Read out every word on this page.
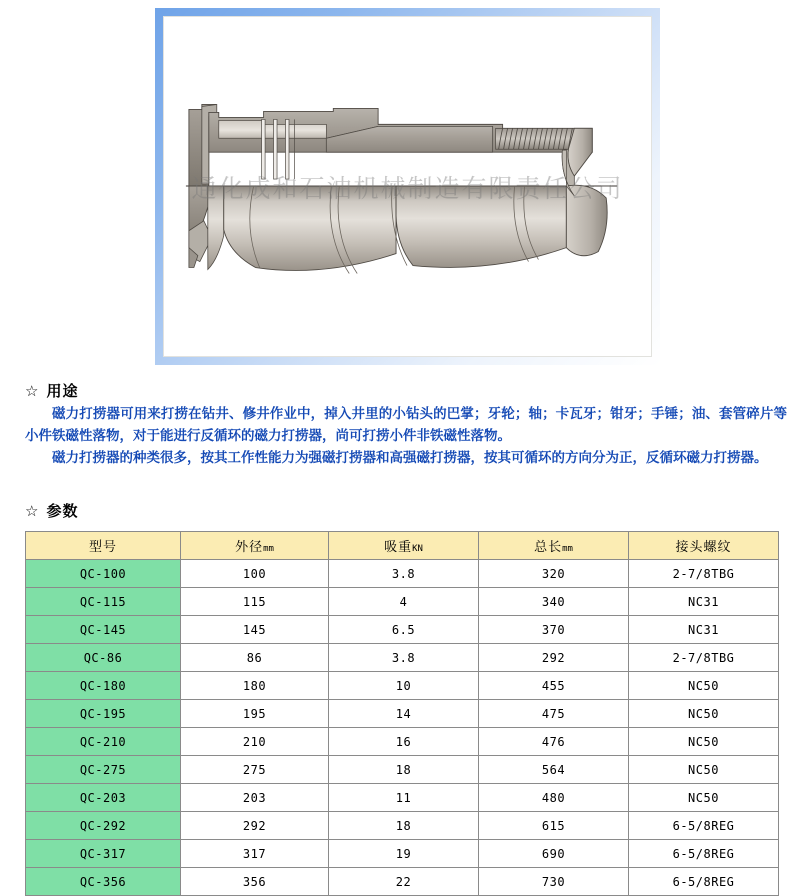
通化成和石油机械制造有限责任公司
☆ 用途

磁力打捞器可用来打捞在钻井、修井作业中，掉入井里的小钻头的巴掌；牙轮；轴；卡瓦牙；钳牙；手锤；油、套管碎片等小件铁磁性落物，对于能进行反循环的磁力打捞器，尚可打捞小件非铁磁性落物。

磁力打捞器的种类很多，按其工作性能力为强磁打捞器和高强磁打捞器，按其可循环的方向分为正，反循环磁力打捞器。

☆ 参数
型号	外径mm	吸重KN	总长mm	接头螺纹
QC-100	100	3.8	320	2-7/8TBG
QC-115	115	4	340	NC31
QC-145	145	6.5	370	NC31
QC-86	86	3.8	292	2-7/8TBG
QC-180	180	10	455	NC50
QC-195	195	14	475	NC50
QC-210	210	16	476	NC50
QC-275	275	18	564	NC50
QC-203	203	11	480	NC50
QC-292	292	18	615	6-5/8REG
QC-317	317	19	690	6-5/8REG
QC-356	356	22	730	6-5/8REG
